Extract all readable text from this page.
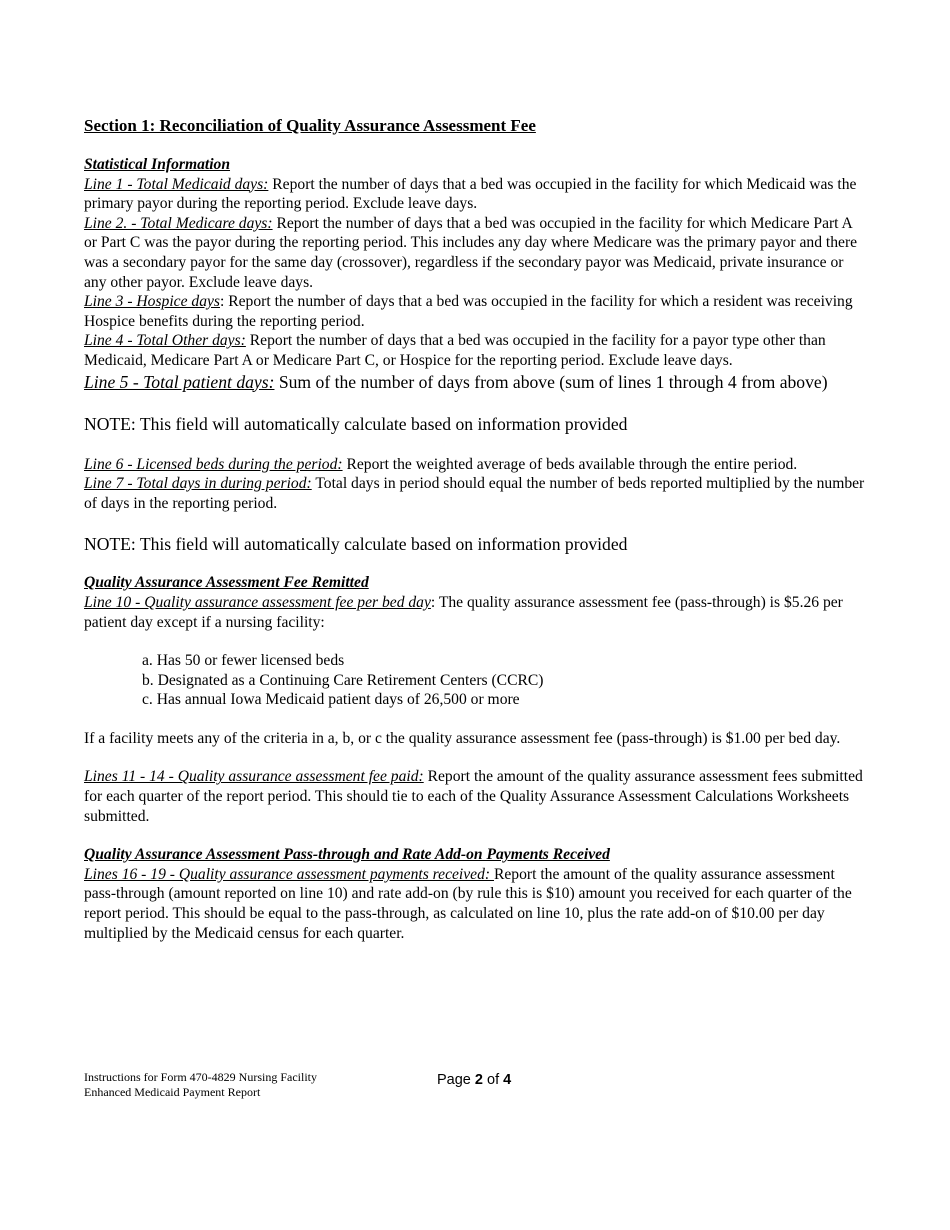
Section 1: Reconciliation of Quality Assurance Assessment Fee

Statistical Information

Line 1 - Total Medicaid days: Report the number of days that a bed was occupied in the facility for which Medicaid was the primary payor during the reporting period. Exclude leave days.

Line 2. - Total Medicare days: Report the number of days that a bed was occupied in the facility for which Medicare Part A or Part C was the payor during the reporting period. This includes any day where Medicare was the primary payor and there was a secondary payor for the same day (crossover), regardless if the secondary payor was Medicaid, private insurance or any other payor. Exclude leave days.

Line 3 - Hospice days: Report the number of days that a bed was occupied in the facility for which a resident was receiving Hospice benefits during the reporting period.

Line 4 - Total Other days: Report the number of days that a bed was occupied in the facility for a payor type other than Medicaid, Medicare Part A or Medicare Part C, or Hospice for the reporting period. Exclude leave days.

Line 5 - Total patient days: Sum of the number of days from above (sum of lines 1 through 4 from above)

NOTE: This field will automatically calculate based on information provided

Line 6 - Licensed beds during the period: Report the weighted average of beds available through the entire period.

Line 7 - Total days in during period: Total days in period should equal the number of beds reported multiplied by the number of days in the reporting period.

NOTE: This field will automatically calculate based on information provided

Quality Assurance Assessment Fee Remitted

Line 10 - Quality assurance assessment fee per bed day: The quality assurance assessment fee (pass-through) is $5.26 per patient day except if a nursing facility:

a. Has 50 or fewer licensed beds
b. Designated as a Continuing Care Retirement Centers (CCRC)
c. Has annual Iowa Medicaid patient days of 26,500 or more

If a facility meets any of the criteria in a, b, or c the quality assurance assessment fee (pass-through) is $1.00 per bed day.

Lines 11 - 14 - Quality assurance assessment fee paid: Report the amount of the quality assurance assessment fees submitted for each quarter of the report period. This should tie to each of the Quality Assurance Assessment Calculations Worksheets submitted.

Quality Assurance Assessment Pass-through and Rate Add-on Payments Received

Lines 16 - 19 - Quality assurance assessment payments received: Report the amount of the quality assurance assessment pass-through (amount reported on line 10) and rate add-on (by rule this is $10) amount you received for each quarter of the report period. This should be equal to the pass-through, as calculated on line 10, plus the rate add-on of $10.00 per day multiplied by the Medicaid census for each quarter.

Instructions for Form 470-4829 Nursing Facility
Enhanced Medicaid Payment Report
Page 2 of 4
